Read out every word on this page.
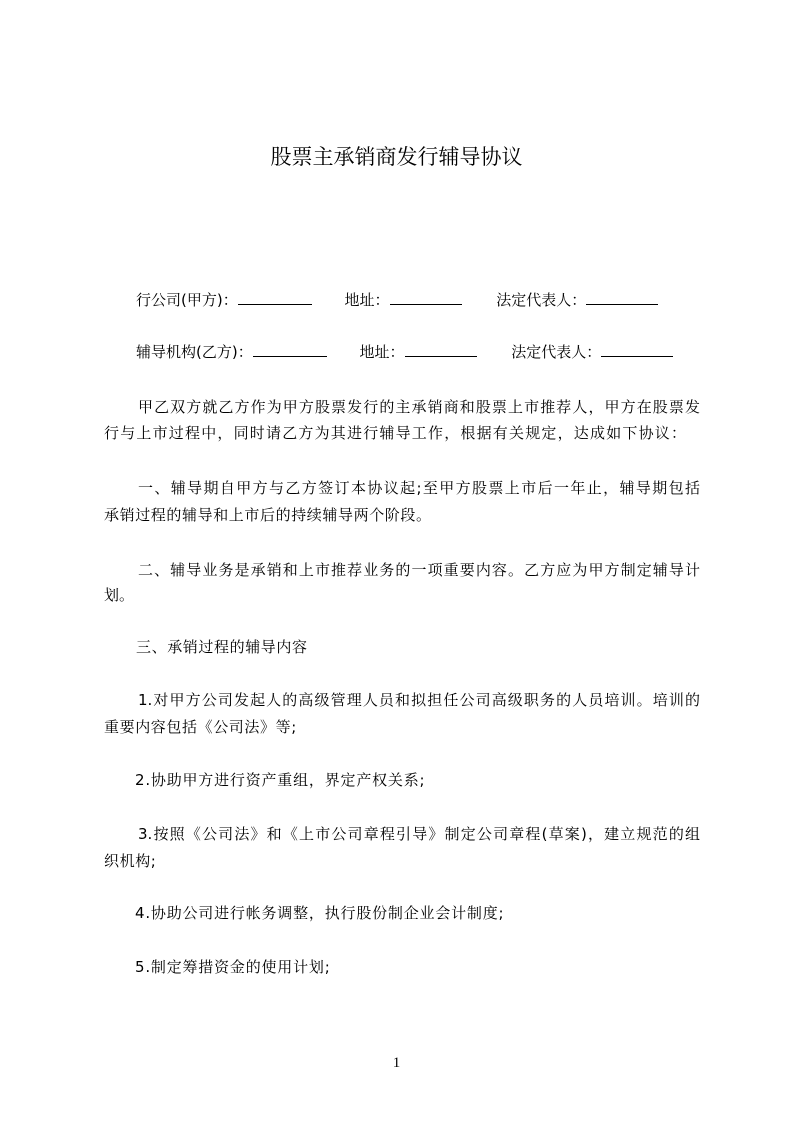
股票主承销商发行辅导协议
行公司(甲方)：	地址：	法定代表人：
辅导机构(乙方)：	地址：	法定代表人：
甲乙双方就乙方作为甲方股票发行的主承销商和股票上市推荐人，甲方在股票发
行与上市过程中，同时请乙方为其进行辅导工作，根据有关规定，达成如下协议：
一、辅导期自甲方与乙方签订本协议起;至甲方股票上市后一年止，辅导期包括
承销过程的辅导和上市后的持续辅导两个阶段。
二、辅导业务是承销和上市推荐业务的一项重要内容。乙方应为甲方制定辅导计
划。
三、承销过程的辅导内容
1.对甲方公司发起人的高级管理人员和拟担任公司高级职务的人员培训。培训的
重要内容包括《公司法》等;
2.协助甲方进行资产重组，界定产权关系;
3.按照《公司法》和《上市公司章程引导》制定公司章程(草案)，建立规范的组
织机构;
4.协助公司进行帐务调整，执行股份制企业会计制度;
5.制定筹措资金的使用计划;
1
